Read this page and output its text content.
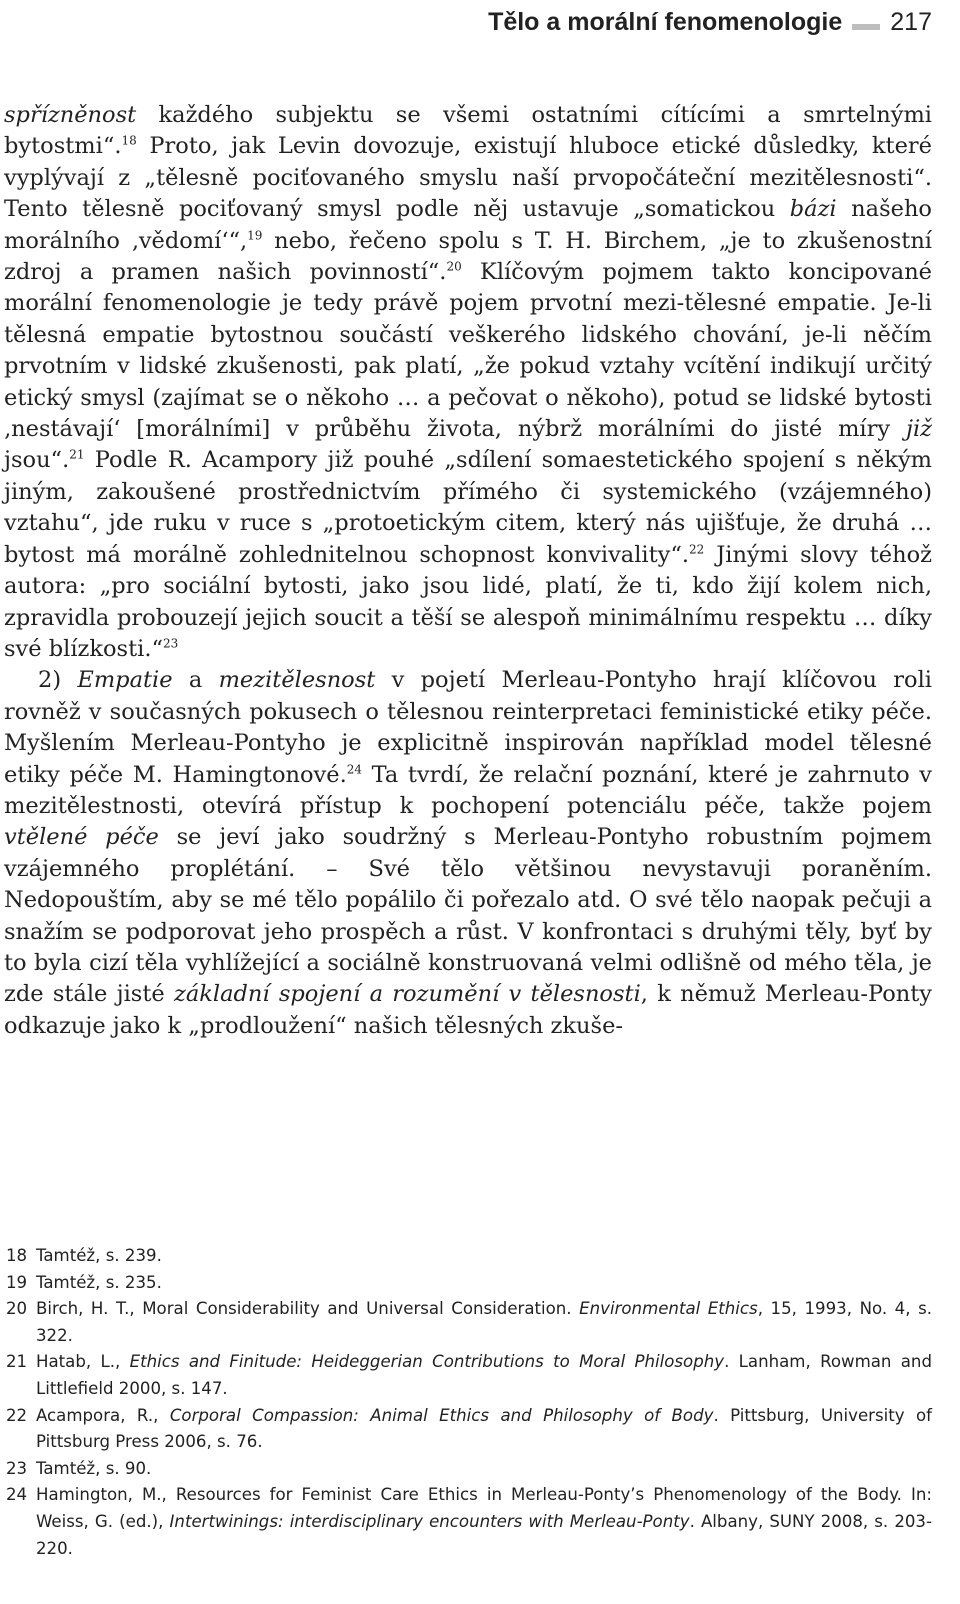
Tělo a morální fenomenologie 217

spřízněnost každého subjektu se všemi ostatními cítícími a smrtelnými bytostmi“.$^{18}$ Proto, jak Levin dovozuje, existují hluboce etické důsledky, které vyplývají z „tělesně pociťovaného smyslu naší prvopočáteční mezitělesnosti“. Tento tělesně pociťovaný smysl podle něj ustavuje „somatickou bázi našeho morálního ‚vědomí‘“,$^{19}$ nebo, řečeno spolu s T. H. Birchem, „je to zkušenostní zdroj a pramen našich povinností“.$^{20}$ Klíčovým pojmem takto koncipované morální fenomenologie je tedy právě pojem prvotní mezi-tělesné empatie. Je-li tělesná empatie bytostnou součástí veškerého lidského chování, je-li něčím prvotním v lidské zkušenosti, pak platí, „že pokud vztahy vcítění indikují určitý etický smysl (zajímat se o někoho … a pečovat o někoho), potud se lidské bytosti ‚nestávají‘ [morálními] v průběhu života, nýbrž morálními do jisté míry již jsou“.$^{21}$ Podle R. Acampory již pouhé „sdílení somaestetického spojení s někým jiným, zakoušené prostřednictvím přímého či systemického (vzájemného) vztahu“, jde ruku v ruce s „protoetickým citem, který nás ujišťuje, že druhá … bytost má morálně zohlednitelnou schopnost konvivality“.$^{22}$ Jinými slovy téhož autora: „pro sociální bytosti, jako jsou lidé, platí, že ti, kdo žijí kolem nich, zpravidla probouzejí jejich soucit a těší se alespoň minimálnímu respektu … díky své blízkosti.“$^{23}$

2) Empatie a mezitělesnost v pojetí Merleau-Pontyho hrají klíčovou roli rovněž v současných pokusech o tělesnou reinterpretaci feministické etiky péče. Myšlením Merleau-Pontyho je explicitně inspirován například model tělesné etiky péče M. Hamingtonové.$^{24}$ Ta tvrdí, že relační poznání, které je zahrnuto v mezitělestnosti, otevírá přístup k pochopení potenciálu péče, takže pojem vtělené péče se jeví jako soudržný s Merleau-Pontyho robustním pojmem vzájemného proplétání. – Své tělo většinou nevystavuji poraněním. Nedopouštím, aby se mé tělo popálilo či pořezalo atd. O své tělo naopak pečuji a snažím se podporovat jeho prospěch a růst. V konfrontaci s druhými těly, byť by to byla cizí těla vyhlížející a sociálně konstruovaná velmi odlišně od mého těla, je zde stále jisté základní spojení a rozumění v tělesnosti, k němuž Merleau-Ponty odkazuje jako k „prodloužení“ našich tělesných zkuše-

18 Tamtéž, s. 239.
19 Tamtéž, s. 235.
20 Birch, H. T., Moral Considerability and Universal Consideration. Environmental Ethics, 15, 1993, No. 4, s. 322.
21 Hatab, L., Ethics and Finitude: Heideggerian Contributions to Moral Philosophy. Lanham, Rowman and Littlefield 2000, s. 147.
22 Acampora, R., Corporal Compassion: Animal Ethics and Philosophy of Body. Pittsburg, University of Pittsburg Press 2006, s. 76.
23 Tamtéž, s. 90.
24 Hamington, M., Resources for Feminist Care Ethics in Merleau-Ponty’s Phenomenology of the Body. In: Weiss, G. (ed.), Intertwinings: interdisciplinary encounters with Merleau-Ponty. Albany, SUNY 2008, s. 203-220.
